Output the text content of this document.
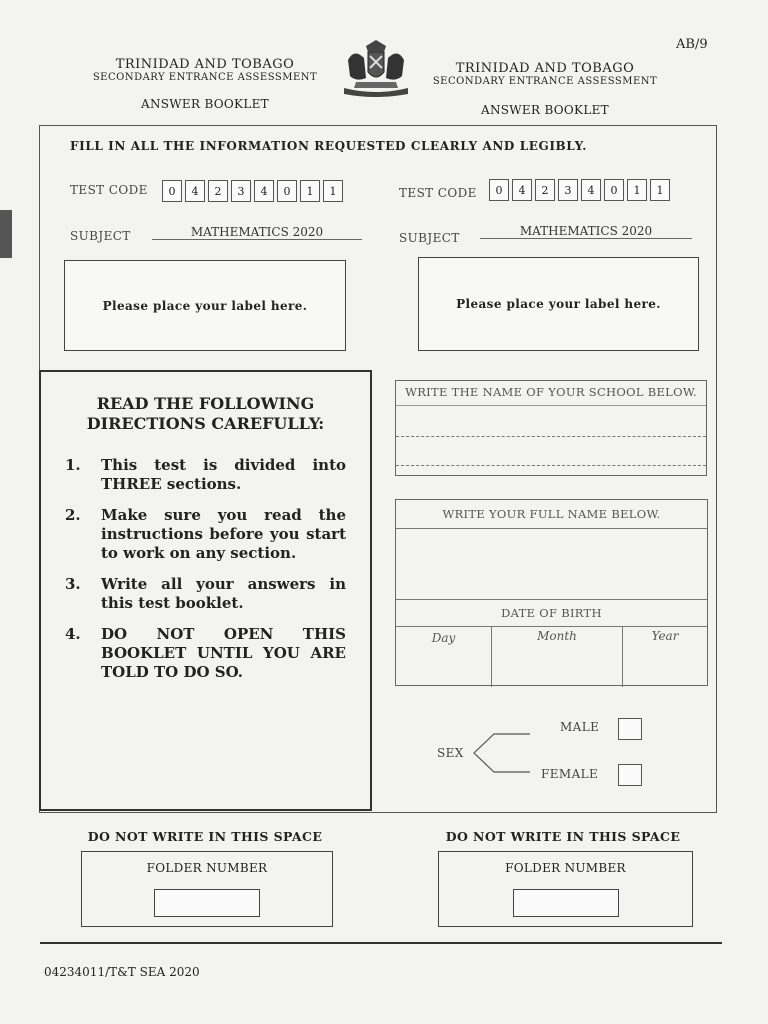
AB/9
TRINIDAD AND TOBAGO
SECONDARY ENTRANCE ASSESSMENT
ANSWER BOOKLET
TRINIDAD AND TOBAGO
SECONDARY ENTRANCE ASSESSMENT
ANSWER BOOKLET
FILL IN ALL THE INFORMATION REQUESTED CLEARLY AND LEGIBLY.
TEST CODE	0	4	2	3	4	0	1	1	TEST CODE	0	4	2	3	4	0	1	1
SUBJECT	MATHEMATICS 2020	SUBJECT	MATHEMATICS 2020
Please place your label here.	Please place your label here.
READ THE FOLLOWING
DIRECTIONS CAREFULLY:
1.	This test is divided into THREE sections.
2.	Make sure you read the instructions before you start to work on any section.
3.	Write all your answers in this test booklet.
4.	DO NOT OPEN THIS BOOKLET UNTIL YOU ARE TOLD TO DO SO.
WRITE THE NAME OF YOUR SCHOOL BELOW.
WRITE YOUR FULL NAME BELOW.
DATE OF BIRTH
Day	Month	Year
SEX
MALE
FEMALE
DO NOT WRITE IN THIS SPACE
FOLDER NUMBER
DO NOT WRITE IN THIS SPACE
FOLDER NUMBER
04234011/T&T SEA 2020
